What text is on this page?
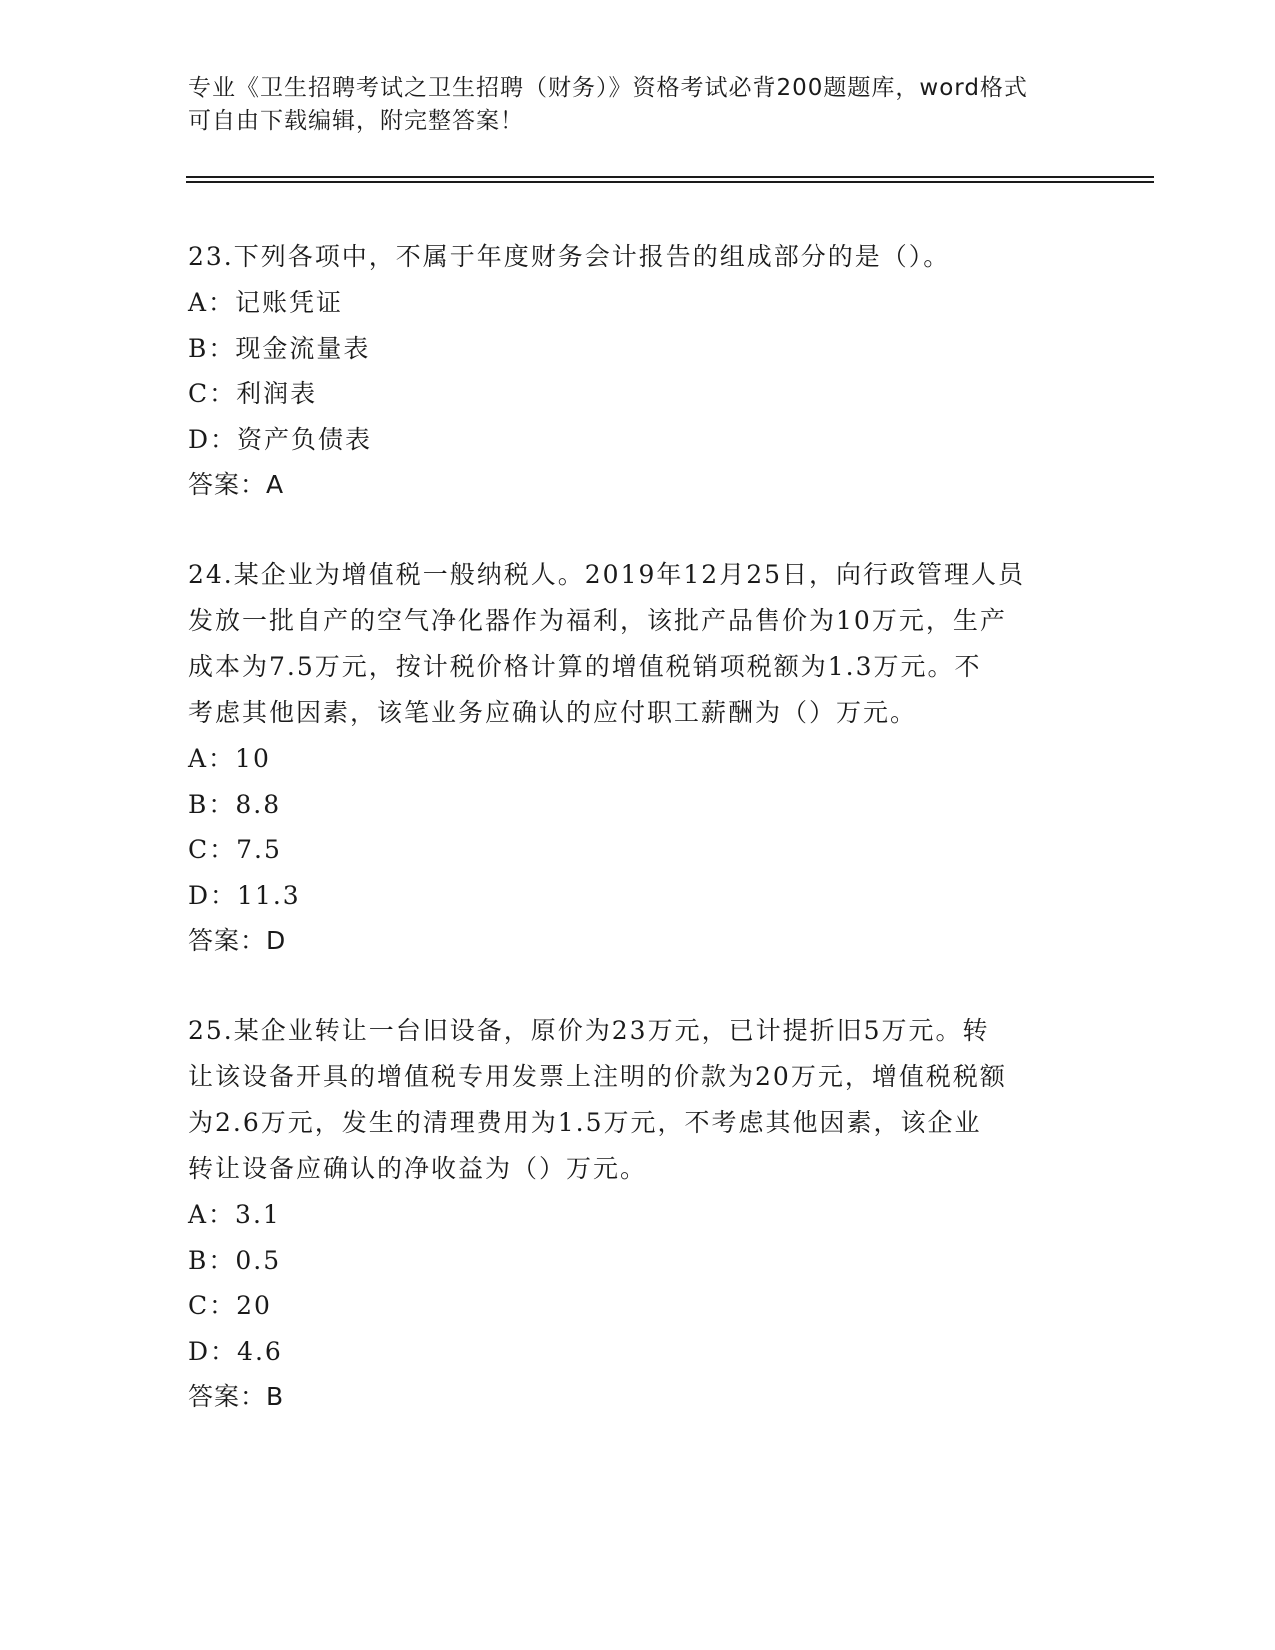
专业《卫生招聘考试之卫生招聘（财务）》资格考试必背200题题库，word格式
可自由下载编辑，附完整答案！
23.下列各项中，不属于年度财务会计报告的组成部分的是（）。
A：记账凭证
B：现金流量表
C：利润表
D：资产负债表
答案：A
24.某企业为增值税一般纳税人。2019年12月25日，向行政管理人员
发放一批自产的空气净化器作为福利，该批产品售价为10万元，生产
成本为7.5万元，按计税价格计算的增值税销项税额为1.3万元。不
考虑其他因素，该笔业务应确认的应付职工薪酬为（）万元。
A：10
B：8.8
C：7.5
D：11.3
答案：D
25.某企业转让一台旧设备，原价为23万元，已计提折旧5万元。转
让该设备开具的增值税专用发票上注明的价款为20万元，增值税税额
为2.6万元，发生的清理费用为1.5万元，不考虑其他因素，该企业
转让设备应确认的净收益为（）万元。
A：3.1
B：0.5
C：20
D：4.6
答案：B
